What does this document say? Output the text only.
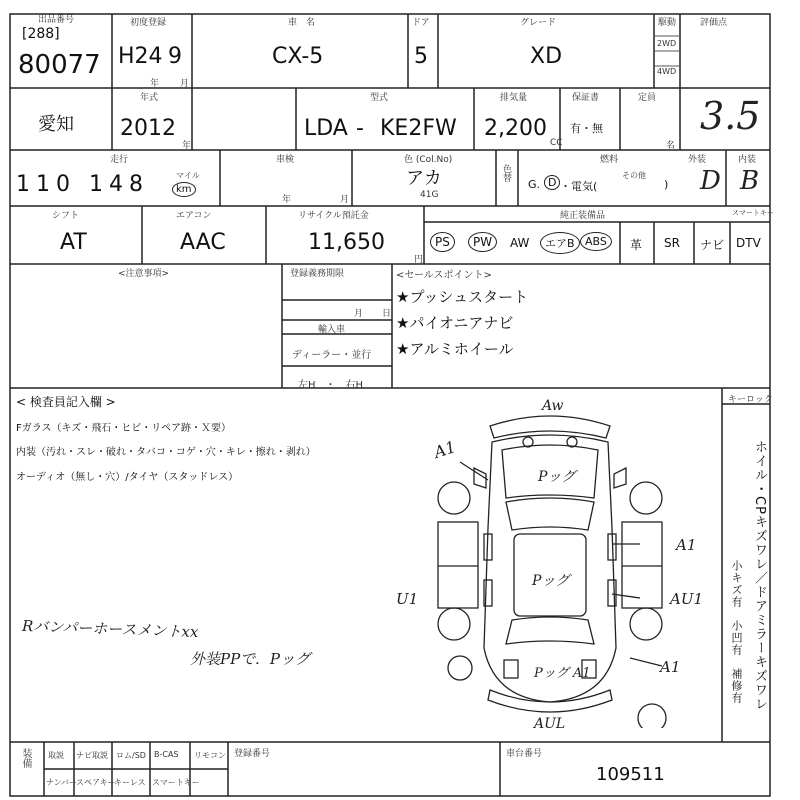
出品番号
[288]
80077
初度登録
H24 9
年 月
車　名
CX-5
ドア
5
グレード
XD
駆動
2WD
4WD
評価点
3.5
愛知
年式
2012
年
型式
LDA - KE2FW
排気量
2,200
CC
保証書
有・無
定員
名
走行
110 148	マイル
km
車検
年	月
色 (Col.No)
アカ
41G
色替
燃料
G. D ・電気(
その他
)
外装
D
内装
B
シフト
AT
エアコン
AAC
リサイクル預託金
11,650
円
純正装備品	スマートキー
PS	PW	AW	エアB ABS	革 SR ナビ DTV
<注意事項>	登録義務期限
月 日
輸入車
ディーラー・並行
左H　・　右H
<セールスポイント>
★プッシュスタート
★パイオニアナビ
★アルミホイール
< 検査員記入欄 >
Fガラス（キズ・飛石・ヒビ・リペア跡・Ｘ要）
内装（汚れ・スレ・破れ・タバコ・コゲ・穴・キレ・擦れ・剥れ）
オーディオ（無し・穴）/タイヤ（スタッドレス）
Rバンパーホースメントxx
外装PPで．Pッグ
キーロック
ホイル・CPキズワレ／ドアミラーキズワレ
小キズ有　小凹有　補修有
Aw
A1
Pッグ
Pッグ
A1
U1	AU1
A1
Pッグ A1
AUL
装備 取説 ナビ取説 ロム/SD B-CAS リモコン
ナンバー
スペアキー
キーレス スマートキー
登録番号	車台番号
109511
